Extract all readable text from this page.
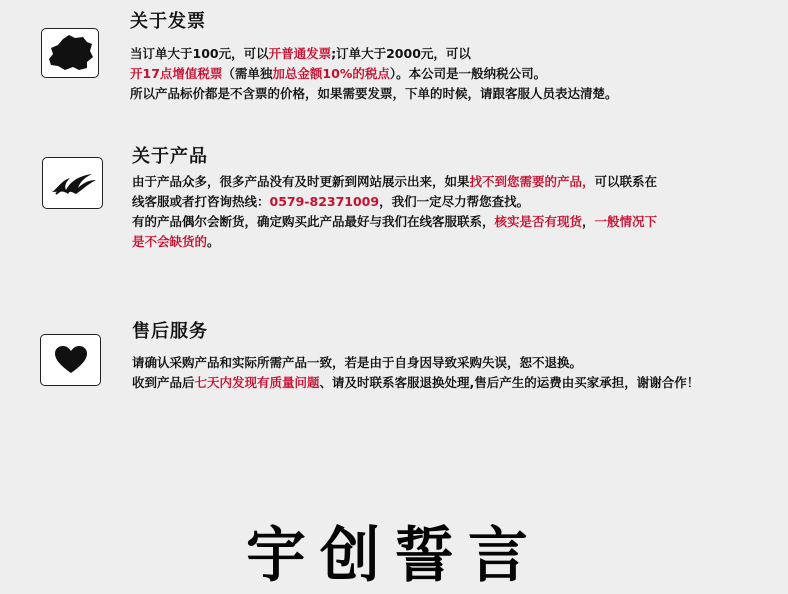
关于发票
当订单大于100元，可以开普通发票;订单大于2000元，可以
开17点增值税票（需单独加总金额10%的税点）。本公司是一般纳税公司。
所以产品标价都是不含票的价格，如果需要发票，下单的时候，请跟客服人员表达清楚。
关于产品
由于产品众多，很多产品没有及时更新到网站展示出来，如果找不到您需要的产品，可以联系在
线客服或者打咨询热线：0579-82371009，我们一定尽力帮您查找。
有的产品偶尔会断货，确定购买此产品最好与我们在线客服联系，核实是否有现货，一般情况下
是不会缺货的。
售后服务
请确认采购产品和实际所需产品一致，若是由于自身因导致采购失误，恕不退换。
收到产品后七天内发现有质量问题、请及时联系客服退换处理,售后产生的运费由买家承担，谢谢合作！
宇创誓言
